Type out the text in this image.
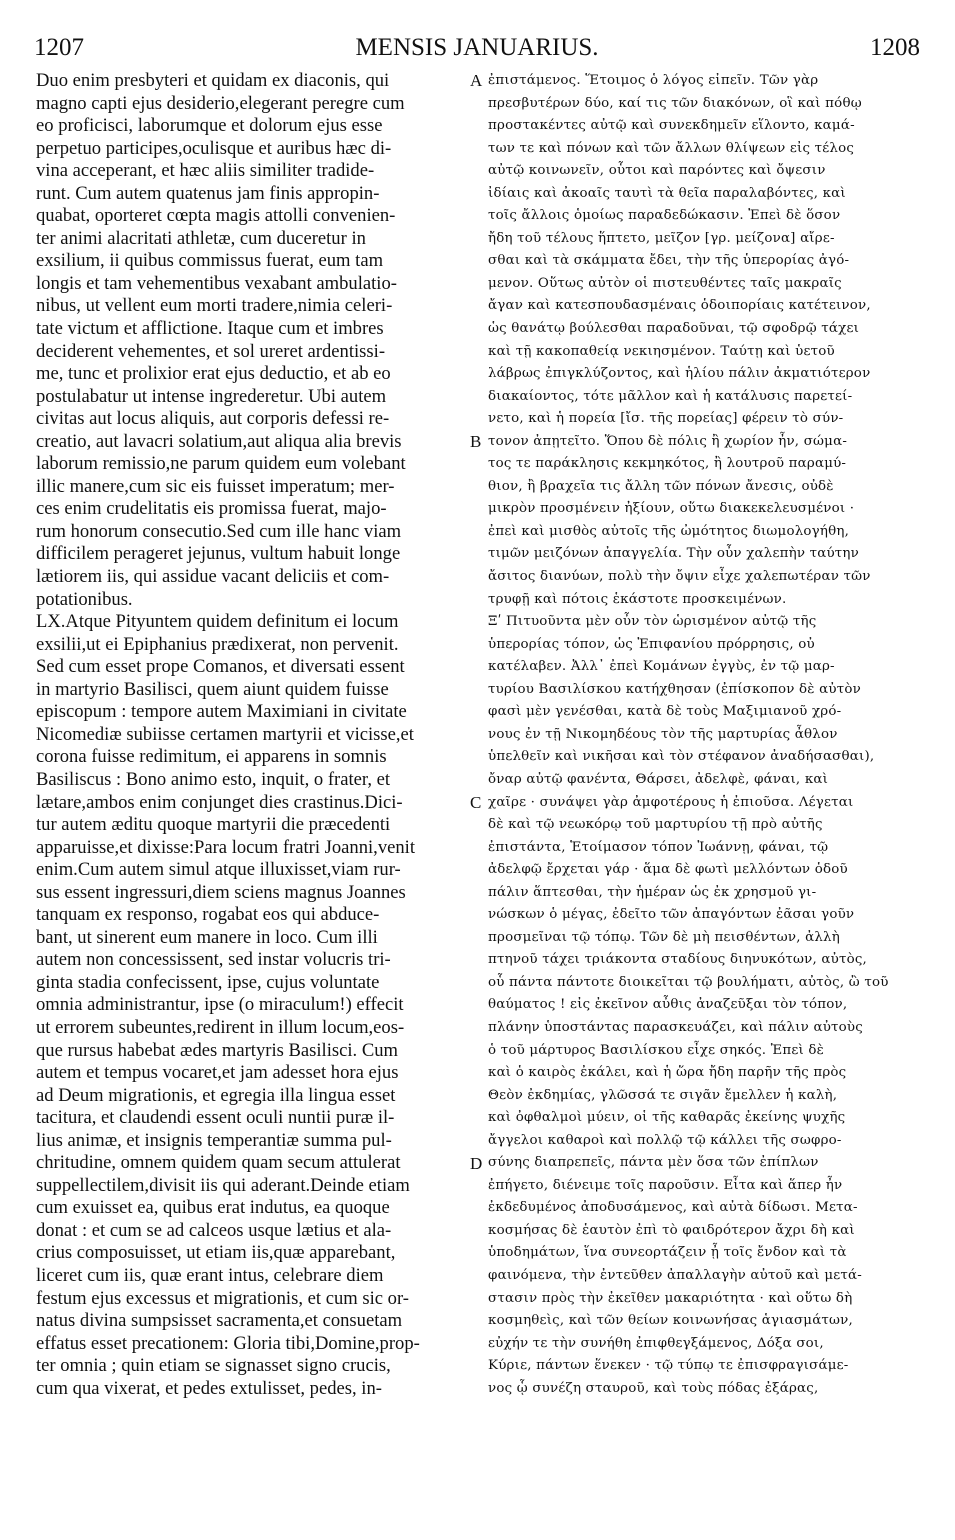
1207	MENSIS JANUARIUS.	1208
Duo enim presbyteri et quidam ex diaconis, qui
magno capti ejus desiderio,elegerant peregre cum
eo proficisci, laborumque et dolorum ejus esse
perpetuo participes,oculisque et auribus hæc di-
vina acceperant, et hæc aliis similiter tradide-
runt. Cum autem quatenus jam finis appropin-
quabat, oporteret cœpta magis attolli convenien-
ter animi alacritati athletæ, cum duceretur in
exsilium, ii quibus commissus fuerat, eum tam
longis et tam vehementibus vexabant ambulatio-
nibus, ut vellent eum morti tradere,nimia celeri-
tate victum et afflictione. Itaque cum et imbres
deciderent vehementes, et sol ureret ardentissi-
me, tunc et prolixior erat ejus deductio, et ab eo
postulabatur ut intense ingrederetur. Ubi autem
civitas aut locus aliquis, aut corporis defessi re-
creatio, aut lavacri solatium,aut aliqua alia brevis
laborum remissio,ne parum quidem eum volebant
illic manere,cum sic eis fuisset imperatum; mer-
ces enim crudelitatis eis promissa fuerat, majo-
rum honorum consecutio.Sed cum ille hanc viam
difficilem perageret jejunus, vultum habuit longe
lætiorem iis, qui assidue vacant deliciis et com-
potationibus.
LX.Atque Pityuntem quidem definitum ei locum
exsilii,ut ei Epiphanius prædixerat, non pervenit.
Sed cum esset prope Comanos, et diversati essent
in martyrio Basilisci, quem aiunt quidem fuisse
episcopum : tempore autem Maximiani in civitate
Nicomediæ subiisse certamen martyrii et vicisse,et
corona fuisse redimitum, ei apparens in somnis
Basiliscus : Bono animo esto, inquit, o frater, et
lætare,ambos enim conjunget dies crastinus.Dici-
tur autem æditu quoque martyrii die præcedenti
apparuisse,et dixisse:Para locum fratri Joanni,venit
enim.Cum autem simul atque illuxisset,viam rur-
sus essent ingressuri,diem sciens magnus Joannes
tanquam ex responso, rogabat eos qui abduce-
bant, ut sinerent eum manere in loco. Cum illi
autem non concessissent, sed instar volucris tri-
ginta stadia confecissent, ipse, cujus voluntate
omnia administrantur, ipse (o miraculum!) effecit
ut errorem subeuntes,redirent in illum locum,eos-
que rursus habebat ædes martyris Basilisci. Cum
autem et tempus vocaret,et jam adesset hora ejus
ad Deum migrationis, et egregia illa lingua esset
tacitura, et claudendi essent oculi nuntii puræ il-
lius animæ, et insignis temperantiæ summa pul-
chritudine, omnem quidem quam secum attulerat
suppellectilem,divisit iis qui aderant.Deinde etiam
cum exuisset ea, quibus erat indutus, ea quoque
donat : et cum se ad calceos usque lætius et ala-
crius composuisset, ut etiam iis,quæ apparebant,
liceret cum iis, quæ erant intus, celebrare diem
festum ejus excessus et migrationis, et cum sic or-
natus divina sumpsisset sacramenta,et consuetam
effatus esset precationem: Gloria tibi,Domine,prop-
ter omnia ; quin etiam se signasset signo crucis,
cum qua vixerat, et pedes extulisset, pedes, in-
ἐπιστάμενος. Ἕτοιμος ὁ λόγος εἰπεῖν. Τῶν γὰρ
πρεσβυτέρων δύο, καί τις τῶν διακόνων, οἳ καὶ πόθῳ
προστακέντες αὐτῷ καὶ συνεκδημεῖν εἵλοντο, καμά-
των τε καὶ πόνων καὶ τῶν ἄλλων θλίψεων εἰς τέλος
αὐτῷ κοινωνεῖν, οὗτοι καὶ παρόντες καὶ ὄψεσιν
ἰδίαις καὶ ἀκοαῖς ταυτὶ τὰ θεῖα παραλαβόντες, καὶ
τοῖς ἄλλοις ὁμοίως παραδεδώκασιν. Ἐπεὶ δὲ ὅσον
ἤδη τοῦ τέλους ἥπτετο, μεῖζον [γρ. μείζονα] αἴρε-
σθαι καὶ τὰ σκάμματα ἔδει, τὴν τῆς ὑπερορίας ἀγό-
μενον. Οὕτως αὐτὸν οἱ πιστευθέντες ταῖς μακραῖς
ἄγαν καὶ κατεσπουδασμέναις ὁδοιπορίαις κατέτεινον,
ὡς θανάτῳ βούλεσθαι παραδοῦναι, τῷ σφοδρῷ τάχει
καὶ τῇ κακοπαθείᾳ νεκιησμένον. Ταύτῃ καὶ ὑετοῦ
λάβρως ἐπιγκλύζοντος, καὶ ἡλίου πάλιν ἀκματιότερον
διακαίοντος, τότε μᾶλλον καὶ ἡ κατάλυσις παρετεί-
νετο, καὶ ἡ πορεία [ἴσ. τῆς πορείας] φέρειν τὸ σύν-
τονον ἀπῃτεῖτο. Ὅπου δὲ πόλις ἢ χωρίον ἦν, σώμα-
τος τε παράκλησις κεκμηκότος, ἢ λουτροῦ παραμύ-
θιον, ἢ βραχεῖα τις ἄλλη τῶν πόνων ἄνεσις, οὐδὲ
μικρὸν προσμένειν ἠξίουν, οὕτω διακεκελευσμένοι ·
ἐπεὶ καὶ μισθὸς αὐτοῖς τῆς ὠμότητος διωμολογήθη,
τιμῶν μειζόνων ἀπαγγελία. Τὴν οὖν χαλεπὴν ταύτην
ἄσιτος διανύων, πολὺ τὴν ὄψιν εἶχε χαλεπωτέραν τῶν
τρυφῇ καὶ πότοις ἑκάστοτε προσκειμένων.
Ξʹ Πιτυοῦντα μὲν οὖν τὸν ὡρισμένον αὐτῷ τῆς
ὑπερορίας τόπον, ὡς Ἐπιφανίου πρόρρησις, οὐ
κατέλαβεν. Ἀλλ᾽ ἐπεὶ Κομάνων ἐγγὺς, ἐν τῷ μαρ-
τυρίου Βασιλίσκου κατήχθησαν (ἐπίσκοπον δὲ αὐτὸν
φασὶ μὲν γενέσθαι, κατὰ δὲ τοὺς Μαξιμιανοῦ χρό-
νους ἐν τῇ Νικομηδέους τὸν τῆς μαρτυρίας ἆθλον
ὑπελθεῖν καὶ νικῆσαι καὶ τὸν στέφανον ἀναδήσασθαι),
ὄναρ αὐτῷ φανέντα, Θάρσει, ἀδελφὲ, φάναι, καὶ
χαῖρε · συνάψει γὰρ ἀμφοτέρους ἡ ἐπιοῦσα. Λέγεται
δὲ καὶ τῷ νεωκόρῳ τοῦ μαρτυρίου τῇ πρὸ αὐτῆς
ἐπιστάντα, Ἑτοίμασον τόπον Ἰωάννῃ, φάναι, τῷ
ἀδελφῷ ἔρχεται γάρ · ἅμα δὲ φωτὶ μελλόντων ὁδοῦ
πάλιν ἅπτεσθαι, τὴν ἡμέραν ὡς ἐκ χρησμοῦ γι-
νώσκων ὁ μέγας, ἐδεῖτο τῶν ἀπαγόντων ἐᾶσαι γοῦν
προσμεῖναι τῷ τόπῳ. Τῶν δὲ μὴ πεισθέντων, ἀλλὴ
πτηνοῦ τάχει τριάκοντα σταδίους διηνυκότων, αὐτὸς,
οὗ πάντα πάντοτε διοικεῖται τῷ βουλήματι, αὐτὸς, ὢ τοῦ
θαύματος ! εἰς ἐκεῖνον αὖθις ἀναζεῦξαι τὸν τόπον,
πλάνην ὑποστάντας παρασκευάζει, καὶ πάλιν αὐτοὺς
ὁ τοῦ μάρτυρος Βασιλίσκου εἶχε σηκός. Ἐπεὶ δὲ
καὶ ὁ καιρὸς ἐκάλει, καὶ ἡ ὥρα ἤδη παρῆν τῆς πρὸς
Θεὸν ἐκδημίας, γλῶσσά τε σιγᾶν ἔμελλεν ἡ καλὴ,
καὶ ὀφθαλμοὶ μύειν, οἱ τῆς καθαρᾶς ἐκείνης ψυχῆς
ἄγγελοι καθαροὶ καὶ πολλῷ τῷ κάλλει τῆς σωφρο-
σύνης διαπρεπεῖς, πάντα μὲν ὅσα τῶν ἐπίπλων
ἐπήγετο, διένειμε τοῖς παροῦσιν. Εἶτα καὶ ἅπερ ἦν
ἐκδεδυμένος ἀποδυσάμενος, καὶ αὐτὰ δίδωσι. Μετα-
κοσμήσας δὲ ἑαυτὸν ἐπὶ τὸ φαιδρότερον ἄχρι δὴ καὶ
ὑποδημάτων, ἵνα συνεορτάζειν ᾖ τοῖς ἔνδον καὶ τὰ
φαινόμενα, τὴν ἐντεῦθεν ἀπαλλαγὴν αὐτοῦ καὶ μετά-
στασιν πρὸς τὴν ἐκεῖθεν μακαριότητα · καὶ οὕτω δὴ
κοσμηθεὶς, καὶ τῶν θείων κοινωνήσας ἁγιασμάτων,
εὐχήν τε τὴν συνήθη ἐπιφθεγξάμενος, Δόξα σοι,
Κύριε, πάντων ἕνεκεν · τῷ τύπῳ τε ἐπισφραγισάμε-
νος ᾧ συνέζη σταυροῦ, καὶ τοὺς πόδας ἐξάρας,
A
B
C
D
